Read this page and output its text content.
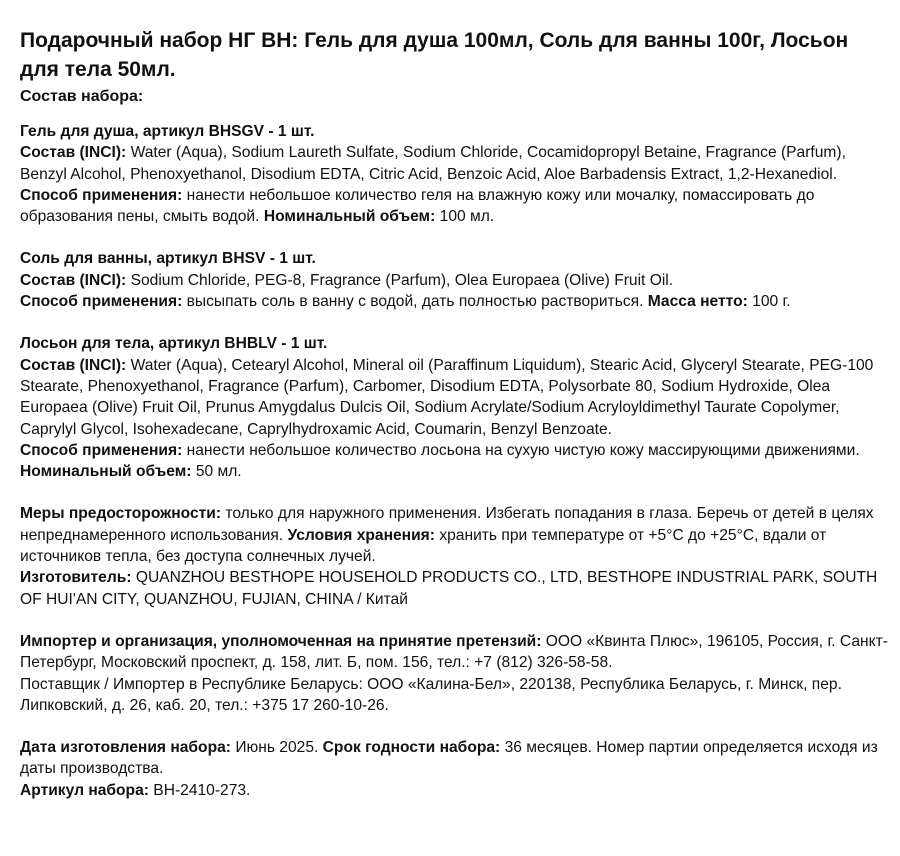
Подарочный набор НГ ВН: Гель для душа 100мл, Соль для ванны 100г, Лосьон для тела 50мл.
Состав набора:

Гель для душа, артикул BHSGV - 1 шт.

Состав (INCI): Water (Aqua), Sodium Laureth Sulfate, Sodium Chloride, Cocamidopropyl Betaine, Fragrance (Parfum), Benzyl Alcohol, Phenoxyethanol, Disodium EDTA, Citric Acid, Benzoic Acid, Aloe Barbadensis Extract, 1,2-Hexanediol.

Способ применения: нанести небольшое количество геля на влажную кожу или мочалку, помассировать до образования пены, смыть водой. Номинальный объем: 100 мл.

Соль для ванны, артикул BHSV - 1 шт.

Состав (INCI): Sodium Chloride, PEG-8, Fragrance (Parfum), Olea Europaea (Olive) Fruit Oil.

Способ применения: высыпать соль в ванну с водой, дать полностью раствориться. Масса нетто: 100 г.

Лосьон для тела, артикул BHBLV - 1 шт.

Состав (INCI): Water (Aqua), Cetearyl Alcohol, Mineral oil (Paraffinum Liquidum), Stearic Acid, Glyceryl Stearate, PEG-100 Stearate, Phenoxyethanol, Fragrance (Parfum), Carbomer, Disodium EDTA, Polysorbate 80, Sodium Hydroxide, Olea Europaea (Olive) Fruit Oil, Prunus Amygdalus Dulcis Oil, Sodium Acrylate/Sodium Acryloyldimethyl Taurate Copolymer, Caprylyl Glycol, Isohexadecane, Caprylhydroxamic Acid, Coumarin, Benzyl Benzoate.

Способ применения: нанести небольшое количество лосьона на сухую чистую кожу массирующими движениями. Номинальный объем: 50 мл.

Меры предосторожности: только для наружного применения. Избегать попадания в глаза. Беречь от детей в целях непреднамеренного использования. Условия хранения: хранить при температуре от +5°С до +25°С, вдали от источников тепла, без доступа солнечных лучей.

Изготовитель: QUANZHOU BESTHOPE HOUSEHOLD PRODUCTS CO., LTD, BESTHOPE INDUSTRIAL PARK, SOUTH OF HUI'AN CITY, QUANZHOU, FUJIAN, CHINA / Китай

Импортер и организация, уполномоченная на принятие претензий: ООО «Квинта Плюс», 196105, Россия, г. Санкт-Петербург, Московский проспект, д. 158, лит. Б, пом. 156, тел.: +7 (812) 326-58-58.

Поставщик / Импортер в Республике Беларусь: ООО «Калина-Бел», 220138, Республика Беларусь, г. Минск, пер. Липковский, д. 26, каб. 20, тел.: +375 17 260-10-26.

Дата изготовления набора: Июнь 2025. Срок годности набора: 36 месяцев. Номер партии определяется исходя из даты производства.

Артикул набора: ВН-2410-273.
